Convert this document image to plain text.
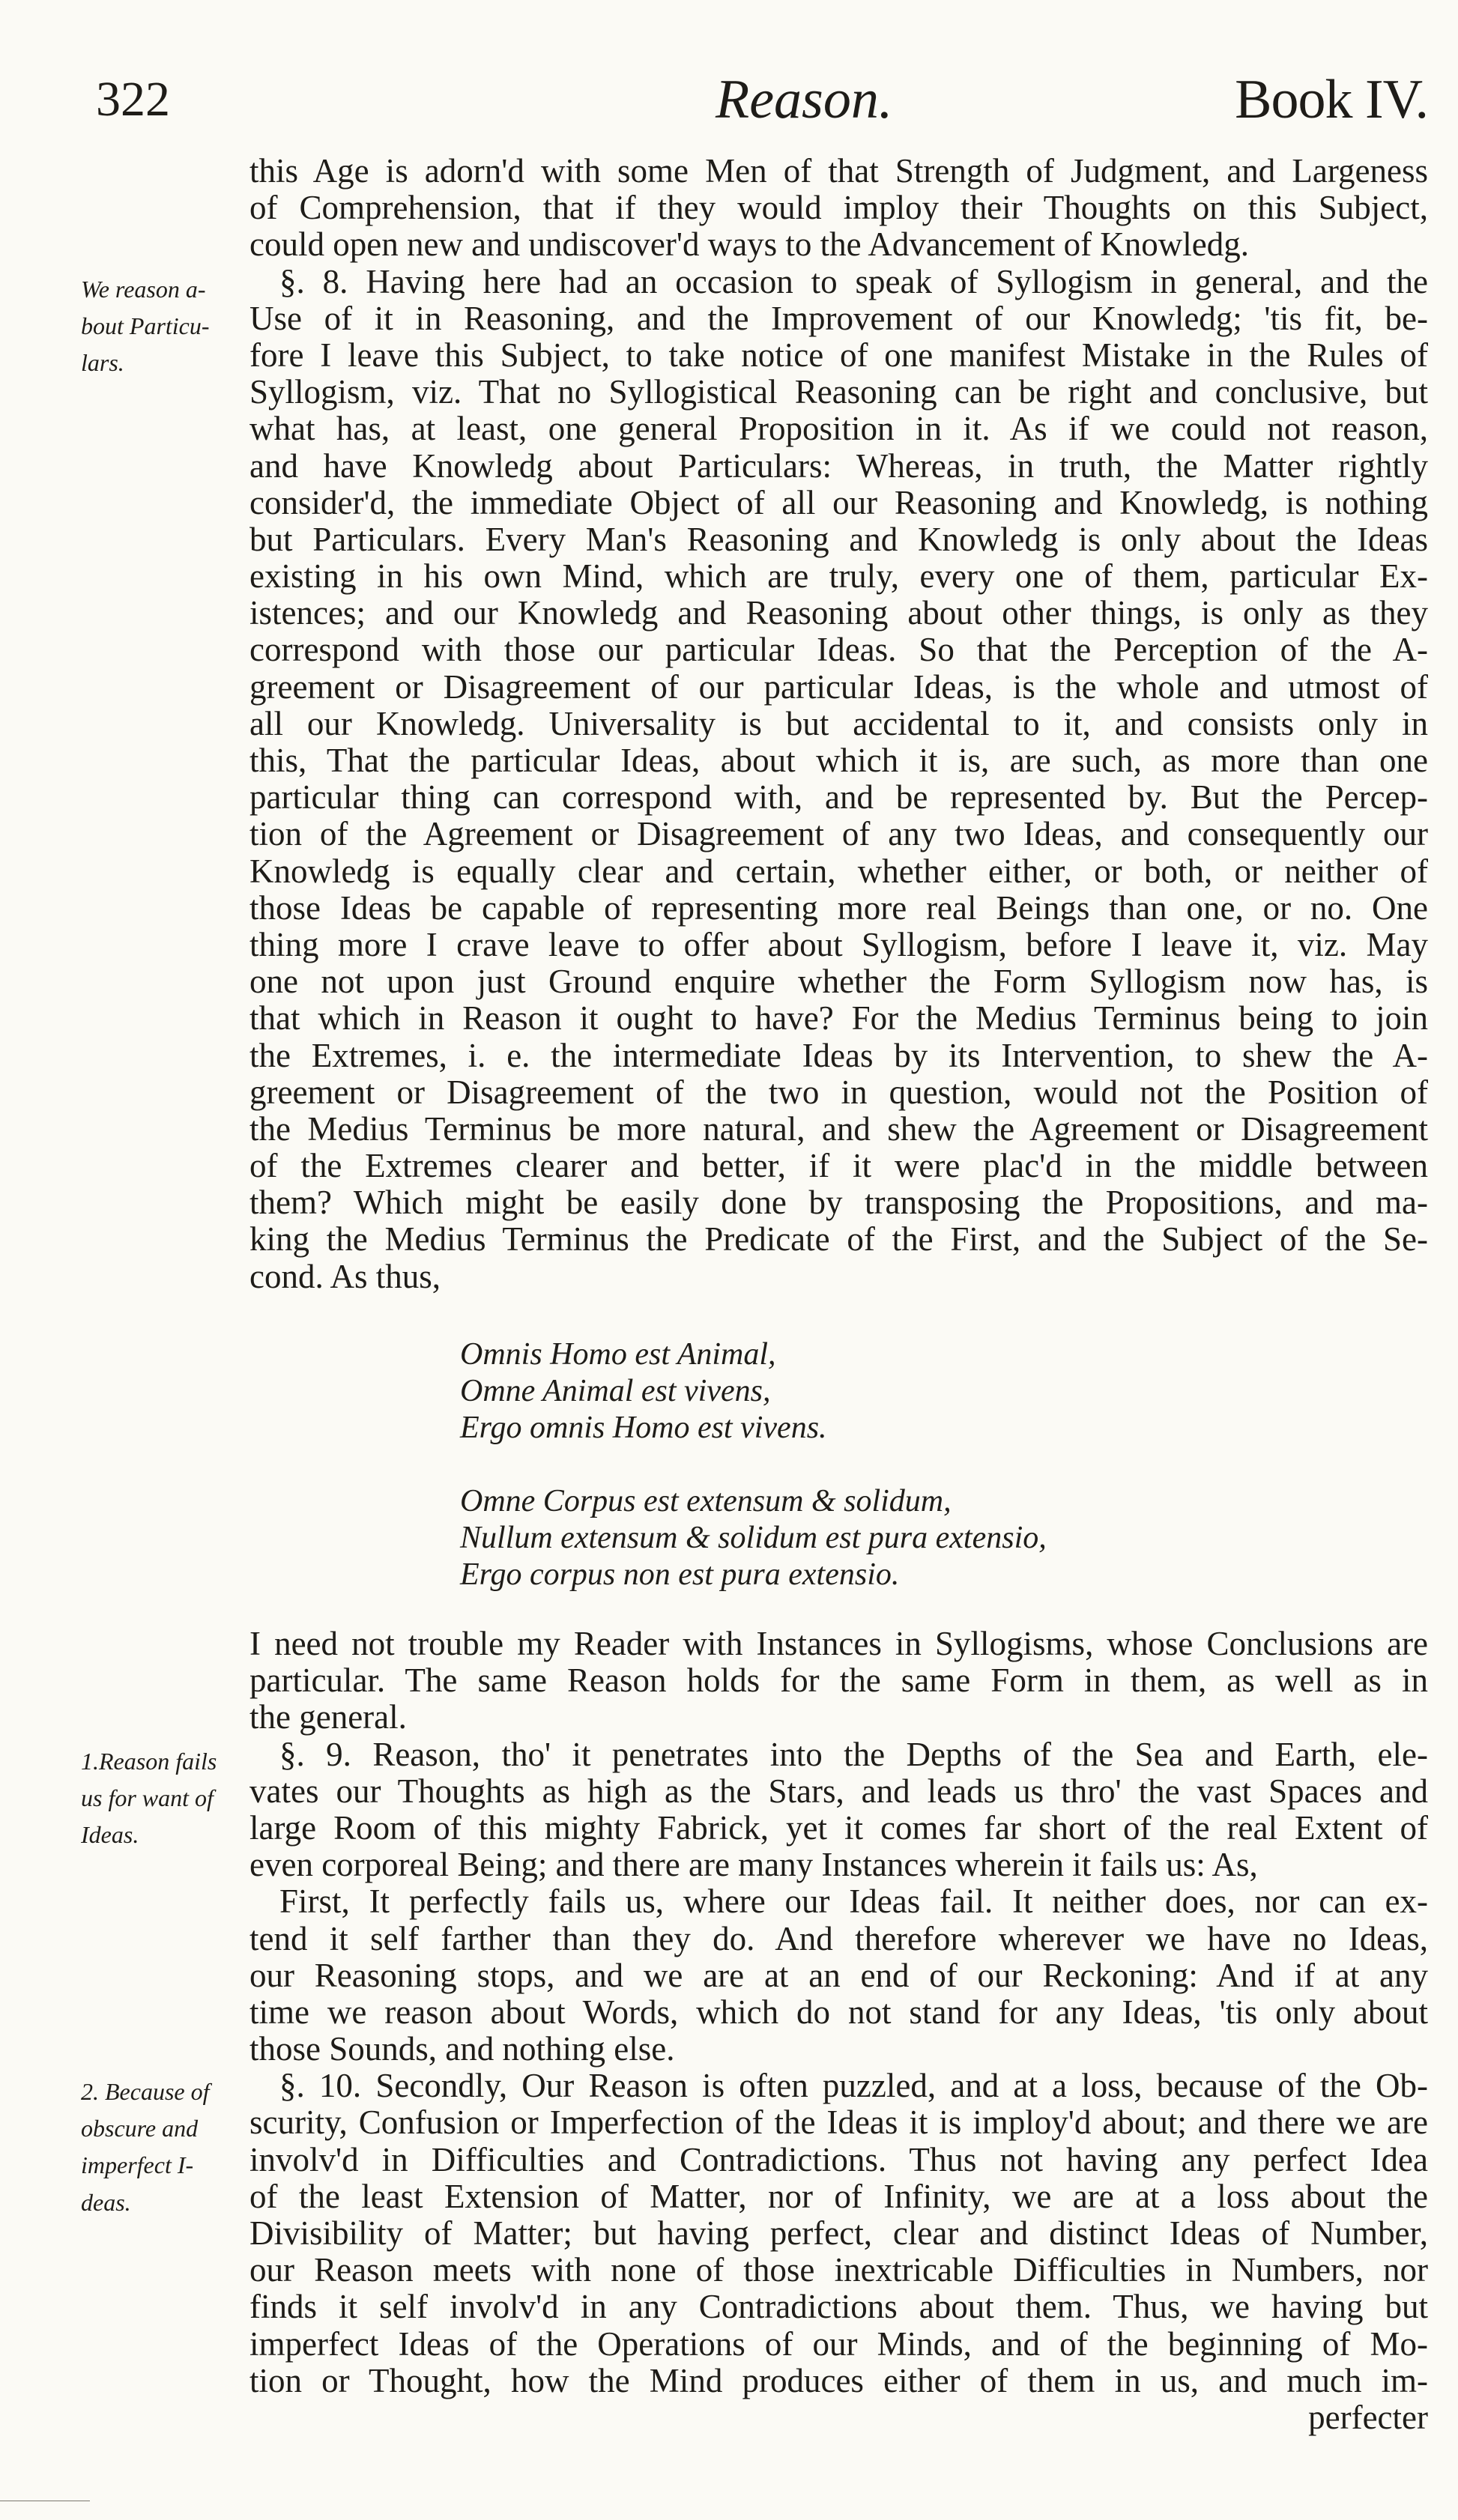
322	Reason.	Book IV.
We reason a-
bout Particu-
lars.
1.Reason fails
us for want of
Ideas.
2. Because of
obscure and
imperfect I-
deas.
this Age is adorn'd with some Men of that Strength of Judgment, and Largeness
of Comprehension, that if they would imploy their Thoughts on this Subject,
could open new and undiscover'd ways to the Advancement of Knowledg.
§. 8. Having here had an occasion to speak of Syllogism in general, and the
Use of it in Reasoning, and the Improvement of our Knowledg; 'tis fit, be-
fore I leave this Subject, to take notice of one manifest Mistake in the Rules of
Syllogism, viz. That no Syllogistical Reasoning can be right and conclusive, but
what has, at least, one general Proposition in it. As if we could not reason,
and have Knowledg about Particulars: Whereas, in truth, the Matter rightly
consider'd, the immediate Object of all our Reasoning and Knowledg, is nothing
but Particulars. Every Man's Reasoning and Knowledg is only about the Ideas
existing in his own Mind, which are truly, every one of them, particular Ex-
istences; and our Knowledg and Reasoning about other things, is only as they
correspond with those our particular Ideas. So that the Perception of the A-
greement or Disagreement of our particular Ideas, is the whole and utmost of
all our Knowledg. Universality is but accidental to it, and consists only in
this, That the particular Ideas, about which it is, are such, as more than one
particular thing can correspond with, and be represented by. But the Percep-
tion of the Agreement or Disagreement of any two Ideas, and consequently our
Knowledg is equally clear and certain, whether either, or both, or neither of
those Ideas be capable of representing more real Beings than one, or no. One
thing more I crave leave to offer about Syllogism, before I leave it, viz. May
one not upon just Ground enquire whether the Form Syllogism now has, is
that which in Reason it ought to have? For the Medius Terminus being to join
the Extremes, i. e. the intermediate Ideas by its Intervention, to shew the A-
greement or Disagreement of the two in question, would not the Position of
the Medius Terminus be more natural, and shew the Agreement or Disagreement
of the Extremes clearer and better, if it were plac'd in the middle between
them? Which might be easily done by transposing the Propositions, and ma-
king the Medius Terminus the Predicate of the First, and the Subject of the Se-
cond. As thus,
Omnis Homo est Animal,
Omne Animal est vivens,
Ergo omnis Homo est vivens.
Omne Corpus est extensum & solidum,
Nullum extensum & solidum est pura extensio,
Ergo corpus non est pura extensio.
I need not trouble my Reader with Instances in Syllogisms, whose Conclusions are
particular. The same Reason holds for the same Form in them, as well as in
the general.
§. 9. Reason, tho' it penetrates into the Depths of the Sea and Earth, ele-
vates our Thoughts as high as the Stars, and leads us thro' the vast Spaces and
large Room of this mighty Fabrick, yet it comes far short of the real Extent of
even corporeal Being; and there are many Instances wherein it fails us: As,
First, It perfectly fails us, where our Ideas fail. It neither does, nor can ex-
tend it self farther than they do. And therefore wherever we have no Ideas,
our Reasoning stops, and we are at an end of our Reckoning: And if at any
time we reason about Words, which do not stand for any Ideas, 'tis only about
those Sounds, and nothing else.
§. 10. Secondly, Our Reason is often puzzled, and at a loss, because of the Ob-
scurity, Confusion or Imperfection of the Ideas it is imploy'd about; and there we are
involv'd in Difficulties and Contradictions. Thus not having any perfect Idea
of the least Extension of Matter, nor of Infinity, we are at a loss about the
Divisibility of Matter; but having perfect, clear and distinct Ideas of Number,
our Reason meets with none of those inextricable Difficulties in Numbers, nor
finds it self involv'd in any Contradictions about them. Thus, we having but
imperfect Ideas of the Operations of our Minds, and of the beginning of Mo-
tion or Thought, how the Mind produces either of them in us, and much im-
perfecter
